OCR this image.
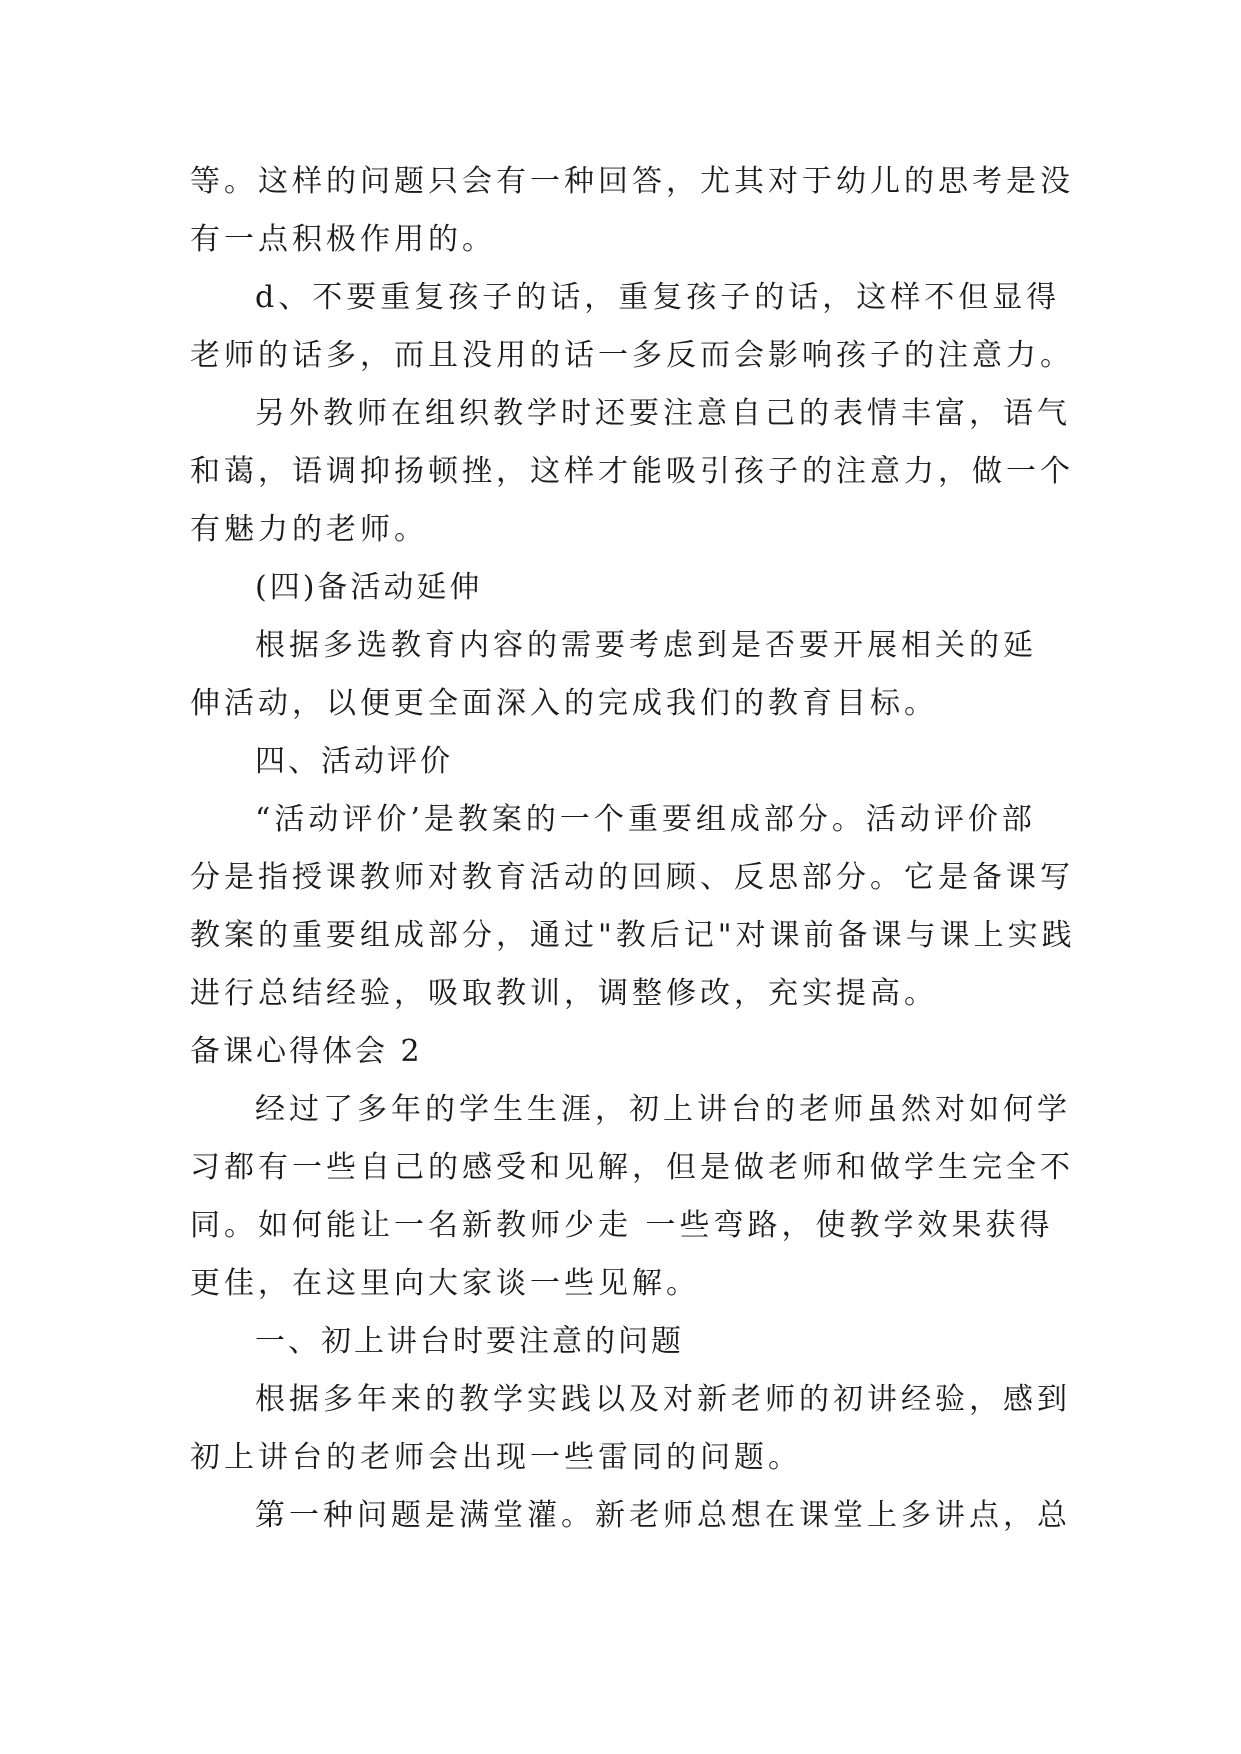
等。这样的问题只会有一种回答，尤其对于幼儿的思考是没
有一点积极作用的。
d、不要重复孩子的话，重复孩子的话，这样不但显得
老师的话多，而且没用的话一多反而会影响孩子的注意力。
另外教师在组织教学时还要注意自己的表情丰富，语气
和蔼，语调抑扬顿挫，这样才能吸引孩子的注意力，做一个
有魅力的老师。
(四)备活动延伸
根据多选教育内容的需要考虑到是否要开展相关的延
伸活动，以便更全面深入的完成我们的教育目标。
四、活动评价
“活动评价’是教案的一个重要组成部分。活动评价部
分是指授课教师对教育活动的回顾、反思部分。它是备课写
教案的重要组成部分，通过"教后记"对课前备课与课上实践
进行总结经验，吸取教训，调整修改，充实提高。
备课心得体会 2
经过了多年的学生生涯，初上讲台的老师虽然对如何学
习都有一些自己的感受和见解，但是做老师和做学生完全不
同。如何能让一名新教师少走 一些弯路，使教学效果获得
更佳，在这里向大家谈一些见解。
一、初上讲台时要注意的问题
根据多年来的教学实践以及对新老师的初讲经验，感到
初上讲台的老师会出现一些雷同的问题。
第一种问题是满堂灌。新老师总想在课堂上多讲点，总
